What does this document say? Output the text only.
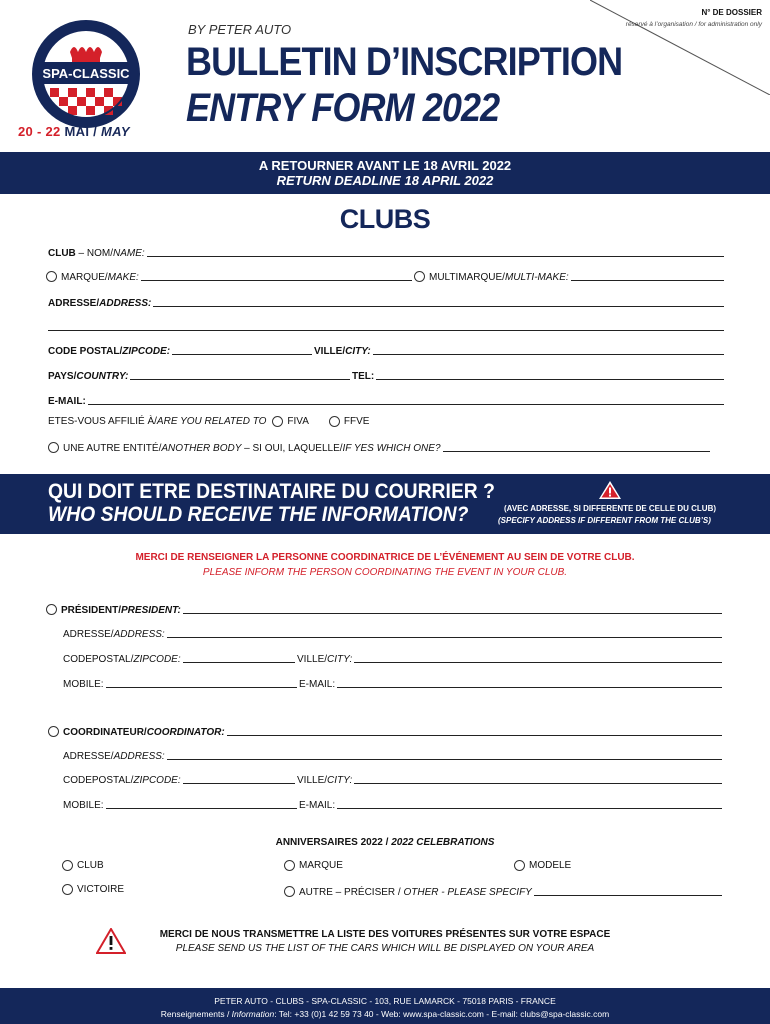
SPA-CLASSIC
20 - 22 MAI / MAY
BY PETER AUTO
BULLETIN D’INSCRIPTION
ENTRY FORM 2022
N° DE DOSSIER
réservé à l’organisation / for administration only
A RETOURNER AVANT LE 18 AVRIL 2022
RETURN DEADLINE 18 APRIL 2022
CLUBS
CLUB – NOM/NAME:
MARQUE/MAKE:	MULTIMARQUE/MULTI-MAKE:
ADRESSE/ADDRESS:
CODE POSTAL/ZIPCODE:	VILLE/CITY:
PAYS/COUNTRY:	TEL:
E-MAIL:
ETES-VOUS AFFILIÉ À/ARE YOU RELATED TO FIVA	FFVE
UNE AUTRE ENTITÉ/ANOTHER BODY – SI OUI, LAQUELLE/IF YES WHICH ONE?
QUI DOIT ETRE DESTINATAIRE DU COURRIER ?
WHO SHOULD RECEIVE THE INFORMATION?	(AVEC ADRESSE, SI DIFFERENTE DE CELLE DU CLUB)
(SPECIFY ADDRESS IF DIFFERENT FROM THE CLUB’S)
MERCI DE RENSEIGNER LA PERSONNE COORDINATRICE DE L’ÉVÉNEMENT AU SEIN DE VOTRE CLUB.
PLEASE INFORM THE PERSON COORDINATING THE EVENT IN YOUR CLUB.
PRÉSIDENT/PRESIDENT:
ADRESSE/ADDRESS:
CODEPOSTAL/ZIPCODE:	VILLE/CITY:
MOBILE:	E-MAIL:
COORDINATEUR/COORDINATOR:
ADRESSE/ADDRESS:
CODEPOSTAL/ZIPCODE:	VILLE/CITY:
MOBILE:	E-MAIL:
ANNIVERSAIRES 2022 / 2022 CELEBRATIONS
CLUB	MARQUE	MODELE
VICTOIRE	AUTRE – PRÉCISER / OTHER - PLEASE SPECIFY
MERCI DE NOUS TRANSMETTRE LA LISTE DES VOITURES PRÉSENTES SUR VOTRE ESPACE
PLEASE SEND US THE LIST OF THE CARS WHICH WILL BE DISPLAYED ON YOUR AREA
PETER AUTO - CLUBS - SPA-CLASSIC - 103, RUE LAMARCK - 75018 PARIS - FRANCE
Renseignements / Information: Tel: +33 (0)1 42 59 73 40 - Web: www.spa-classic.com - E-mail: clubs@spa-classic.com
